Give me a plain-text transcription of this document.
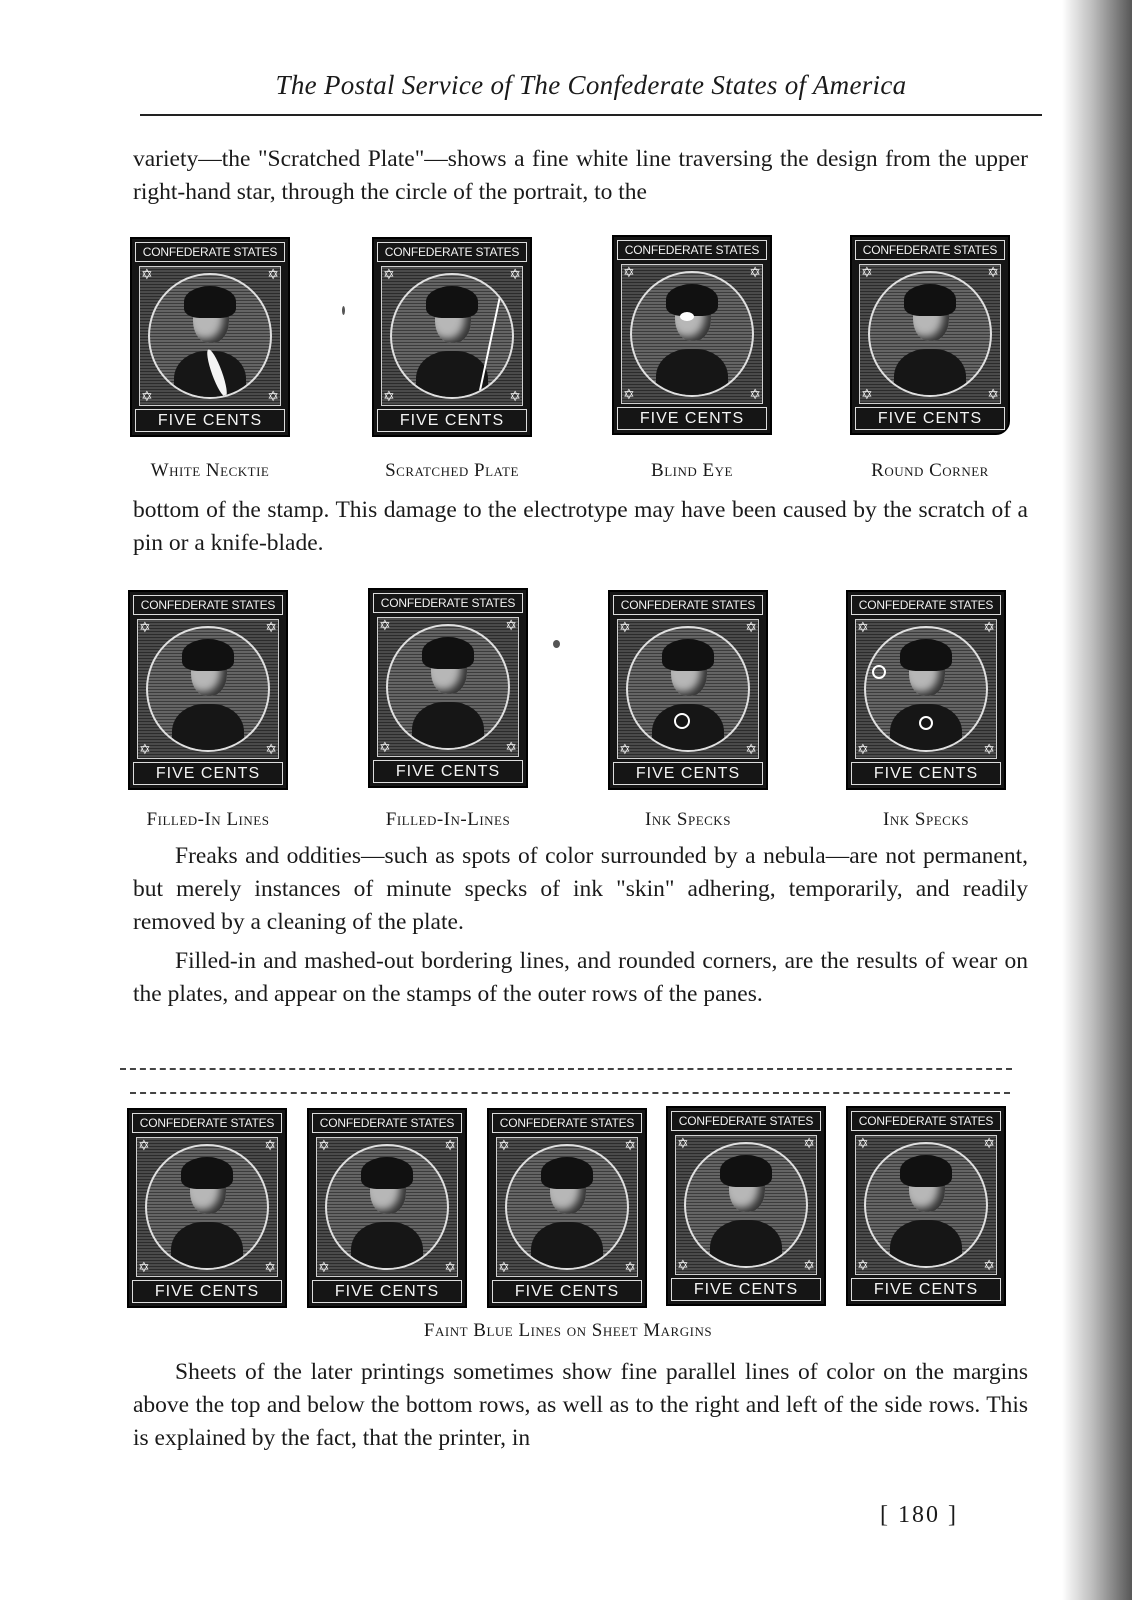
The Postal Service of The Confederate States of America

variety—the "Scratched Plate"—shows a fine white line traversing the design from the upper right-hand star, through the circle of the portrait, to the

CONFEDERATE STATES
✡	✡
✡	✡
FIVE CENTS
CONFEDERATE STATES
✡	✡
✡	✡
FIVE CENTS
CONFEDERATE STATES
✡	✡
✡	✡
FIVE CENTS
CONFEDERATE STATES
✡	✡
✡	✡
FIVE CENTS
White Necktie	Scratched Plate	Blind Eye	Round Corner

bottom of the stamp. This damage to the electrotype may have been caused by the scratch of a pin or a knife-blade.

CONFEDERATE STATES
✡	✡
✡	✡
FIVE CENTS
CONFEDERATE STATES
✡	✡
✡	✡
FIVE CENTS
CONFEDERATE STATES
✡	✡
✡	✡
FIVE CENTS
CONFEDERATE STATES
✡	✡
✡	✡
FIVE CENTS
Filled-In Lines	Filled-In-Lines	Ink Specks	Ink Specks

Freaks and oddities—such as spots of color surrounded by a nebula—are not permanent, but merely instances of minute specks of ink "skin" adhering, temporarily, and readily removed by a cleaning of the plate.

Filled-in and mashed-out bordering lines, and rounded corners, are the results of wear on the plates, and appear on the stamps of the outer rows of the panes.

CONFEDERATE STATES
✡	✡
✡	✡
FIVE CENTS
CONFEDERATE STATES
✡	✡
✡	✡
FIVE CENTS
CONFEDERATE STATES
✡	✡
✡	✡
FIVE CENTS
CONFEDERATE STATES
✡	✡
✡	✡
FIVE CENTS
CONFEDERATE STATES
✡	✡
✡	✡
FIVE CENTS
Faint Blue Lines on Sheet Margins

Sheets of the later printings sometimes show fine parallel lines of color on the margins above the top and below the bottom rows, as well as to the right and left of the side rows. This is explained by the fact, that the printer, in

[ 180 ]
